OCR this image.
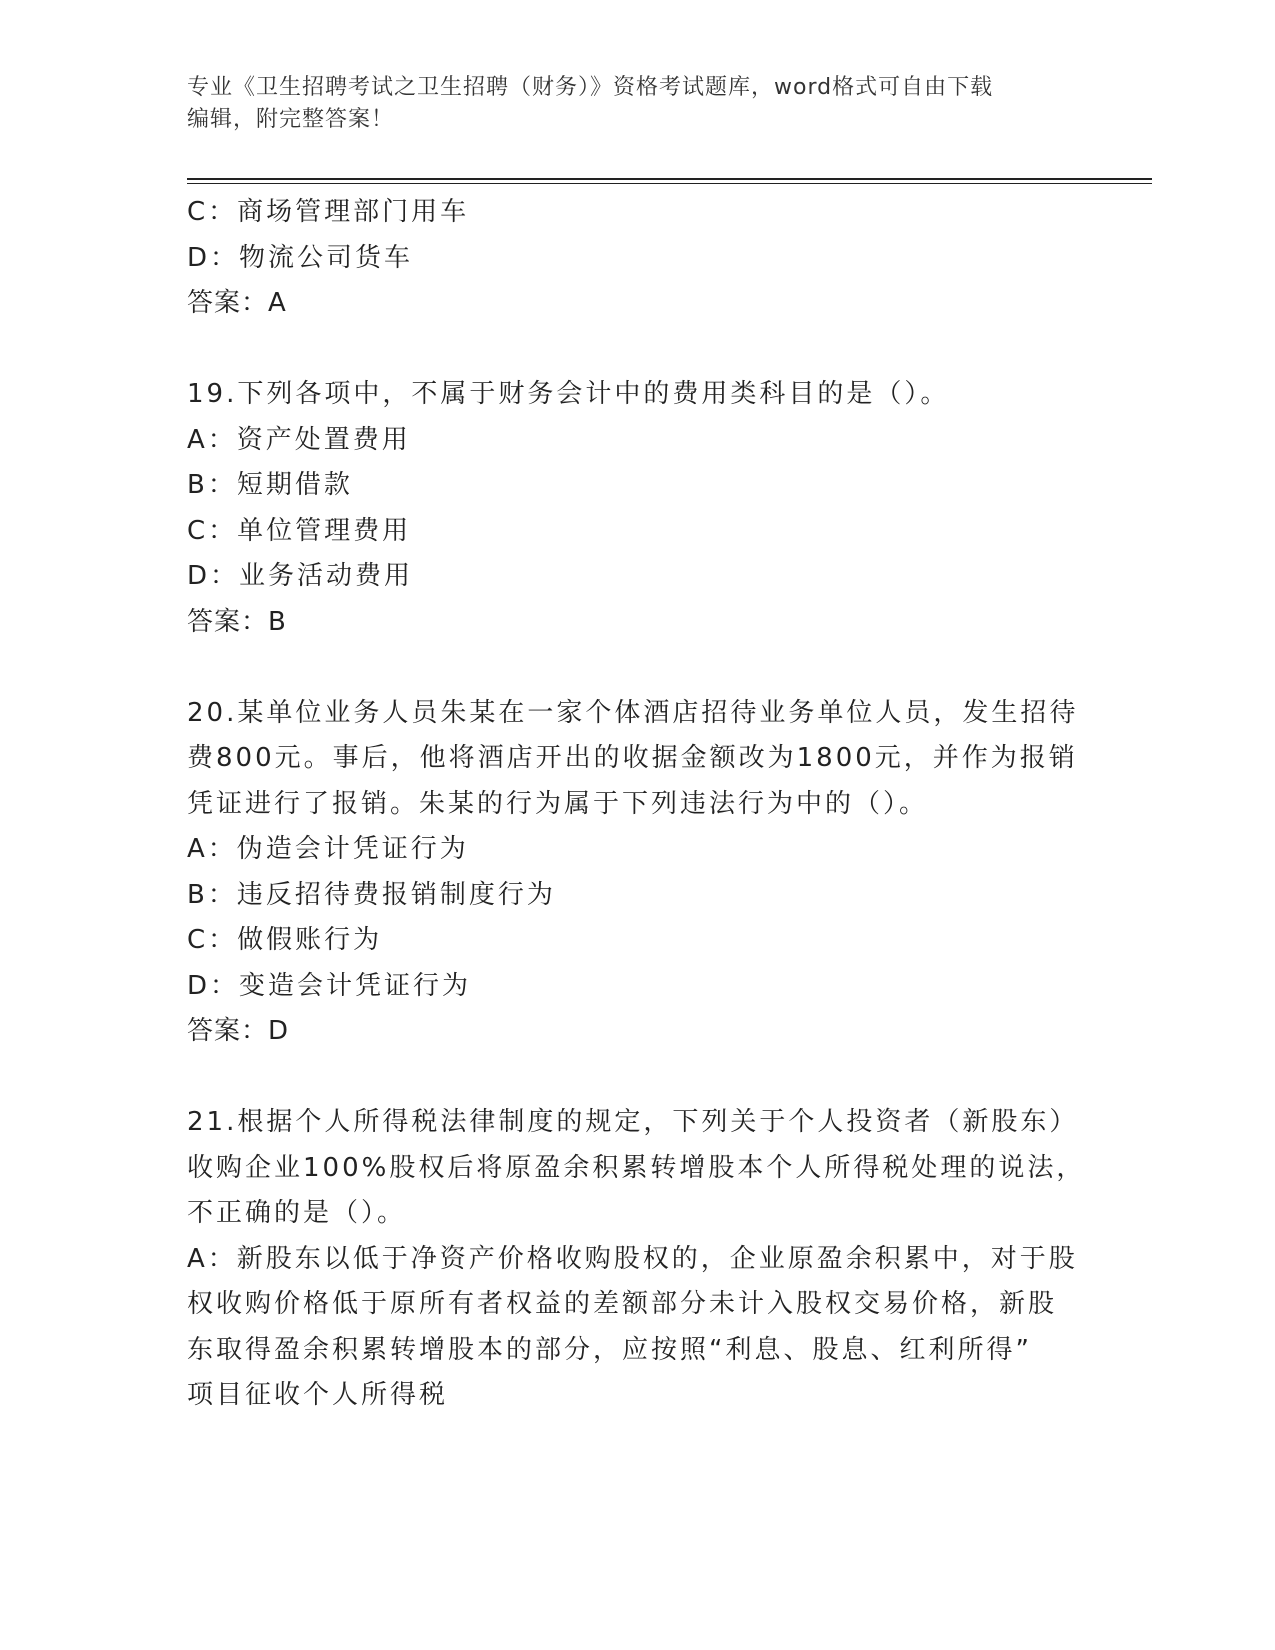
专业《卫生招聘考试之卫生招聘（财务）》资格考试题库，word格式可自由下载
编辑，附完整答案！
C：商场管理部门用车
D：物流公司货车
答案：A
19.下列各项中，不属于财务会计中的费用类科目的是（）。
A：资产处置费用
B：短期借款
C：单位管理费用
D：业务活动费用
答案：B
20.某单位业务人员朱某在一家个体酒店招待业务单位人员，发生招待
费800元。事后，他将酒店开出的收据金额改为1800元，并作为报销
凭证进行了报销。朱某的行为属于下列违法行为中的（）。
A：伪造会计凭证行为
B：违反招待费报销制度行为
C：做假账行为
D：变造会计凭证行为
答案：D
21.根据个人所得税法律制度的规定，下列关于个人投资者（新股东）
收购企业100%股权后将原盈余积累转增股本个人所得税处理的说法，
不正确的是（）。
A：新股东以低于净资产价格收购股权的，企业原盈余积累中，对于股
权收购价格低于原所有者权益的差额部分未计入股权交易价格，新股
东取得盈余积累转增股本的部分，应按照“利息、股息、红利所得”
项目征收个人所得税
